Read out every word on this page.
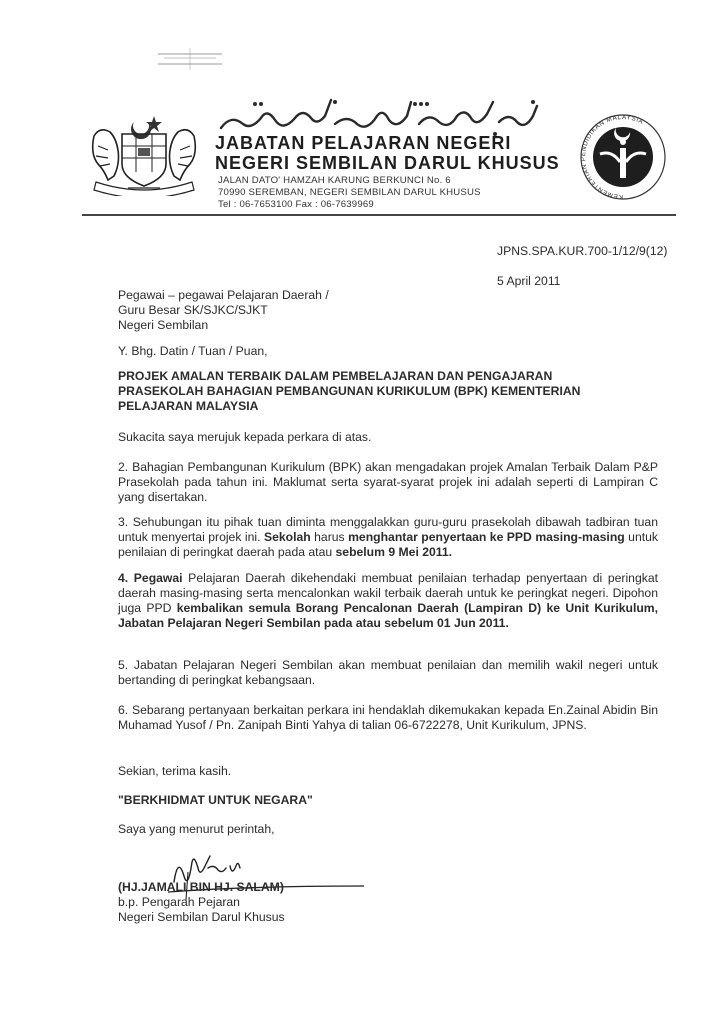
JABATAN PELAJARAN NEGERI
NEGERI SEMBILAN DARUL KHUSUS
JALAN DATO' HAMZAH KARUNG BERKUNCI No. 6
70990 SEREMBAN, NEGERI SEMBILAN DARUL KHUSUS
Tel : 06-7653100 Fax : 06-7639969
KEMENTERIAN PENDIDIKAN MALAYSIA
JPNS.SPA.KUR.700-1/12/9(12)
5 April 2011
Pegawai – pegawai Pelajaran Daerah /
Guru Besar SK/SJKC/SJKT
Negeri Sembilan
Y. Bhg. Datin / Tuan / Puan,
PROJEK AMALAN TERBAIK DALAM PEMBELAJARAN DAN PENGAJARAN PRASEKOLAH BAHAGIAN PEMBANGUNAN KURIKULUM (BPK) KEMENTERIAN PELAJARAN MALAYSIA
Sukacita saya merujuk kepada perkara di atas.
2. Bahagian Pembangunan Kurikulum (BPK) akan mengadakan projek Amalan Terbaik Dalam P&P Prasekolah pada tahun ini. Maklumat serta syarat-syarat projek ini adalah seperti di Lampiran C yang disertakan.
3. Sehubungan itu pihak tuan diminta menggalakkan guru-guru prasekolah dibawah tadbiran tuan untuk menyertai projek ini. Sekolah harus menghantar penyertaan ke PPD masing-masing untuk penilaian di peringkat daerah pada atau sebelum 9 Mei 2011.
4. Pegawai Pelajaran Daerah dikehendaki membuat penilaian terhadap penyertaan di peringkat daerah masing-masing serta mencalonkan wakil terbaik daerah untuk ke peringkat negeri. Dipohon juga PPD kembalikan semula Borang Pencalonan Daerah (Lampiran D) ke Unit Kurikulum, Jabatan Pelajaran Negeri Sembilan pada atau sebelum 01 Jun 2011.
5. Jabatan Pelajaran Negeri Sembilan akan membuat penilaian dan memilih wakil negeri untuk bertanding di peringkat kebangsaan.
6. Sebarang pertanyaan berkaitan perkara ini hendaklah dikemukakan kepada En.Zainal Abidin Bin Muhamad Yusof / Pn. Zanipah Binti Yahya di talian 06-6722278, Unit Kurikulum, JPNS.
Sekian, terima kasih.
"BERKHIDMAT UNTUK NEGARA"
Saya yang menurut perintah,
(HJ.JAMALI BIN HJ. SALAM)
b.p. Pengarah Pejaran
Negeri Sembilan Darul Khusus
